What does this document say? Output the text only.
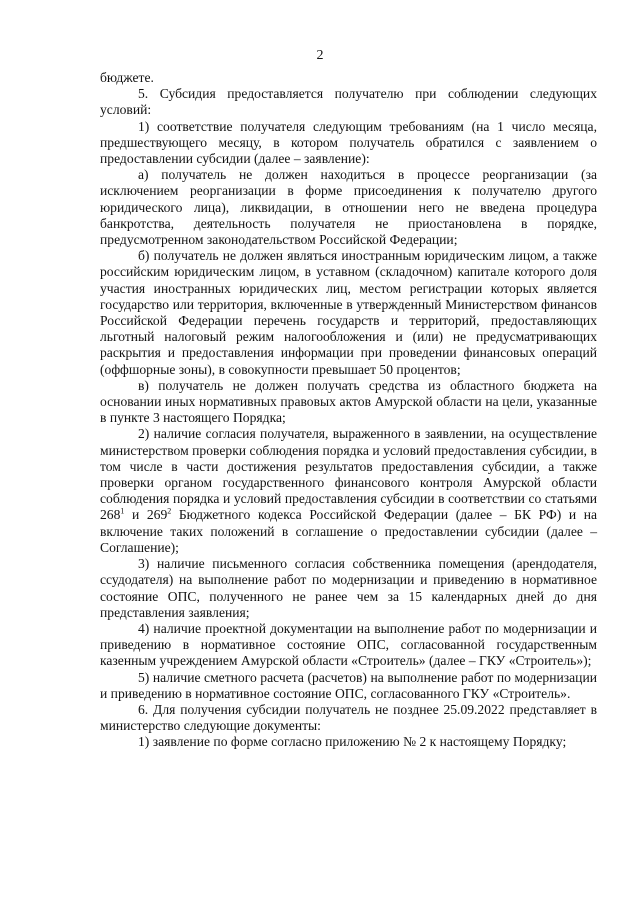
2

бюджете.

5. Субсидия предоставляется получателю при соблюдении следующих условий:

1) соответствие получателя следующим требованиям (на 1 число месяца, предшествующего месяцу, в котором получатель обратился с заявлением о предоставлении субсидии (далее – заявление):

а) получатель не должен находиться в процессе реорганизации (за исключением реорганизации в форме присоединения к получателю другого юридического лица), ликвидации, в отношении него не введена процедура банкротства, деятельность получателя не приостановлена в порядке, предусмотренном законодательством Российской Федерации;

б) получатель не должен являться иностранным юридическим лицом, а также российским юридическим лицом, в уставном (складочном) капитале которого доля участия иностранных юридических лиц, местом регистрации которых является государство или территория, включенные в утвержденный Министерством финансов Российской Федерации перечень государств и территорий, предоставляющих льготный налоговый режим налогообложения и (или) не предусматривающих раскрытия и предоставления информации при проведении финансовых операций (оффшорные зоны), в совокупности превышает 50 процентов;

в) получатель не должен получать средства из областного бюджета на основании иных нормативных правовых актов Амурской области на цели, указанные в пункте 3 настоящего Порядка;

2) наличие согласия получателя, выраженного в заявлении, на осуществление министерством проверки соблюдения порядка и условий предоставления субсидии, в том числе в части достижения результатов предоставления субсидии, а также проверки органом государственного финансового контроля Амурской области соблюдения порядка и условий предоставления субсидии в соответствии со статьями $268^1$ и $269^2$ Бюджетного кодекса Российской Федерации (далее – БК РФ) и на включение таких положений в соглашение о предоставлении субсидии (далее – Соглашение);

3) наличие письменного согласия собственника помещения (арендодателя, ссудодателя) на выполнение работ по модернизации и приведению в нормативное состояние ОПС, полученного не ранее чем за 15 календарных дней до дня представления заявления;

4) наличие проектной документации на выполнение работ по модернизации и приведению в нормативное состояние ОПС, согласованной государственным казенным учреждением Амурской области «Строитель» (далее – ГКУ «Строитель»);

5) наличие сметного расчета (расчетов) на выполнение работ по модернизации и приведению в нормативное состояние ОПС, согласованного ГКУ «Строитель».

6. Для получения субсидии получатель не позднее 25.09.2022 представляет в министерство следующие документы:

1) заявление по форме согласно приложению № 2 к настоящему Порядку;
